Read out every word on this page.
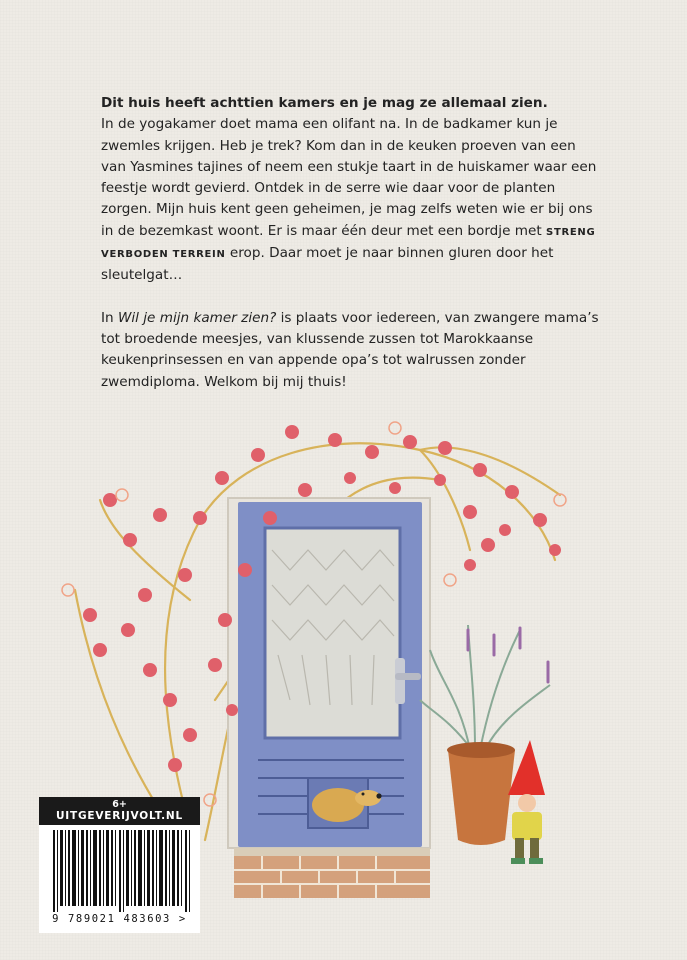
Dit huis heeft achttien kamers en je mag ze allemaal zien.
In de yogakamer doet mama een olifant na. In de badkamer kun je zwemles krijgen. Heb je trek? Kom dan in de keuken proeven van een van Yasmines tajines of neem een stukje taart in de huiskamer waar een feestje wordt gevierd. Ontdek in de serre wie daar voor de planten zorgen. Mijn huis kent geen geheimen, je mag zelfs weten wie er bij ons in de bezemkast woont. Er is maar één deur met een bordje met STRENG VERBODEN TERREIN erop. Daar moet je naar binnen gluren door het sleutelgat…

In Wil je mijn kamer zien? is plaats voor iedereen, van zwangere mama’s tot broedende meesjes, van klussende zussen tot Marokkaanse keukenprinsessen en van appende opa’s tot walrussen zonder zwemdiploma. Welkom bij mij thuis!

6+
UITGEVERIJVOLT.NL
9 789021 483603 >
